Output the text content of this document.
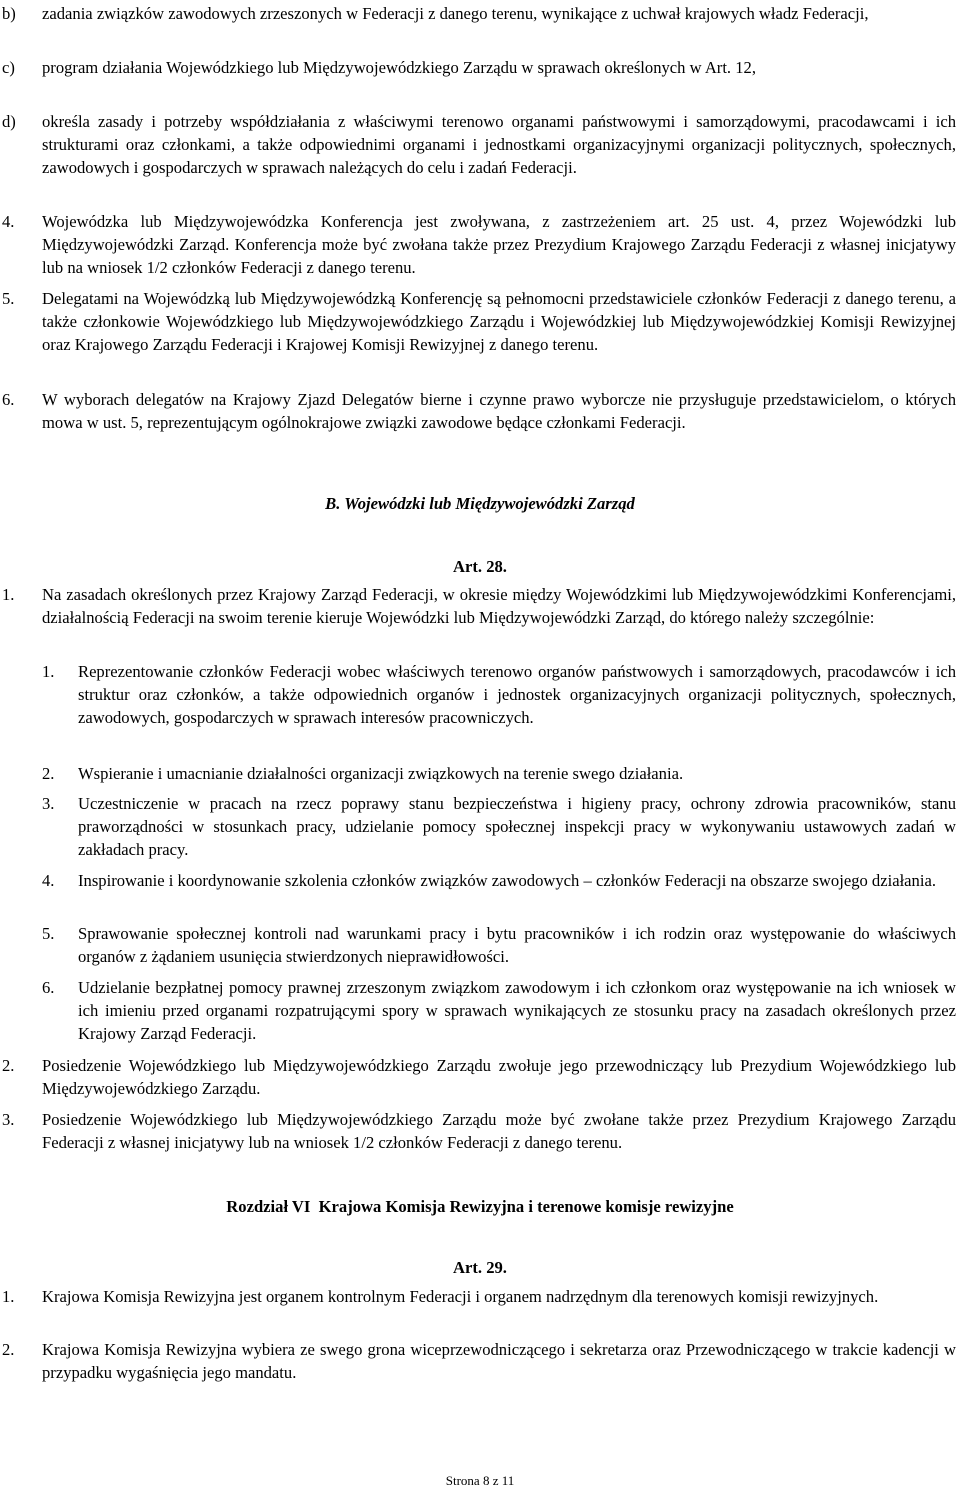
b) zadania związków zawodowych zrzeszonych w Federacji z danego terenu, wynikające z uchwał krajowych władz Federacji,
c) program działania Wojewódzkiego lub Międzywojewódzkiego Zarządu w sprawach określonych w Art. 12,
d) określa zasady i potrzeby współdziałania z właściwymi terenowo organami państwowymi i samorządowymi, pracodawcami i ich strukturami oraz członkami, a także odpowiednimi organami i jednostkami organizacyjnymi organizacji politycznych, społecznych, zawodowych i gospodarczych w sprawach należących do celu i zadań Federacji.
4. Wojewódzka lub Międzywojewódzka Konferencja jest zwoływana, z zastrzeżeniem art. 25 ust. 4, przez Wojewódzki lub Międzywojewódzki Zarząd. Konferencja może być zwołana także przez Prezydium Krajowego Zarządu Federacji z własnej inicjatywy lub na wniosek 1/2 członków Federacji z danego terenu.
5. Delegatami na Wojewódzką lub Międzywojewódzką Konferencję są pełnomocni przedstawiciele członków Federacji z danego terenu, a także członkowie Wojewódzkiego lub Międzywojewódzkiego Zarządu i Wojewódzkiej lub Międzywojewódzkiej Komisji Rewizyjnej oraz Krajowego Zarządu Federacji i Krajowej Komisji Rewizyjnej z danego terenu.
6. W wyborach delegatów na Krajowy Zjazd Delegatów bierne i czynne prawo wyborcze nie przysługuje przedstawicielom, o których mowa w ust. 5, reprezentującym ogólnokrajowe związki zawodowe będące członkami Federacji.
B. Wojewódzki lub Międzywojewódzki Zarząd
Art. 28.
1. Na zasadach określonych przez Krajowy Zarząd Federacji, w okresie między Wojewódzkimi lub Międzywojewódzkimi Konferencjami, działalnością Federacji na swoim terenie kieruje Wojewódzki lub Międzywojewódzki Zarząd, do którego należy szczególnie:
1. Reprezentowanie członków Federacji wobec właściwych terenowo organów państwowych i samorządowych, pracodawców i ich struktur oraz członków, a także odpowiednich organów i jednostek organizacyjnych organizacji politycznych, społecznych, zawodowych, gospodarczych w sprawach interesów pracowniczych.
2. Wspieranie i umacnianie działalności organizacji związkowych na terenie swego działania.
3. Uczestniczenie w pracach na rzecz poprawy stanu bezpieczeństwa i higieny pracy, ochrony zdrowia pracowników, stanu praworządności w stosunkach pracy, udzielanie pomocy społecznej inspekcji pracy w wykonywaniu ustawowych zadań w zakładach pracy.
4. Inspirowanie i koordynowanie szkolenia członków związków zawodowych – członków Federacji na obszarze swojego działania.
5. Sprawowanie społecznej kontroli nad warunkami pracy i bytu pracowników i ich rodzin oraz występowanie do właściwych organów z żądaniem usunięcia stwierdzonych nieprawidłowości.
6. Udzielanie bezpłatnej pomocy prawnej zrzeszonym związkom zawodowym i ich członkom oraz występowanie na ich wniosek w ich imieniu przed organami rozpatrującymi spory w sprawach wynikających ze stosunku pracy na zasadach określonych przez Krajowy Zarząd Federacji.
2. Posiedzenie Wojewódzkiego lub Międzywojewódzkiego Zarządu zwołuje jego przewodniczący lub Prezydium Wojewódzkiego lub Międzywojewódzkiego Zarządu.
3. Posiedzenie Wojewódzkiego lub Międzywojewódzkiego Zarządu może być zwołane także przez Prezydium Krajowego Zarządu Federacji z własnej inicjatywy lub na wniosek 1/2 członków Federacji z danego terenu.
Rozdział VI  Krajowa Komisja Rewizyjna i terenowe komisje rewizyjne
Art. 29.
1. Krajowa Komisja Rewizyjna jest organem kontrolnym Federacji i organem nadrzędnym dla terenowych komisji rewizyjnych.
2. Krajowa Komisja Rewizyjna wybiera ze swego grona wiceprzewodniczącego i sekretarza oraz Przewodniczącego w trakcie kadencji w przypadku wygaśnięcia jego mandatu.
Strona 8 z 11
